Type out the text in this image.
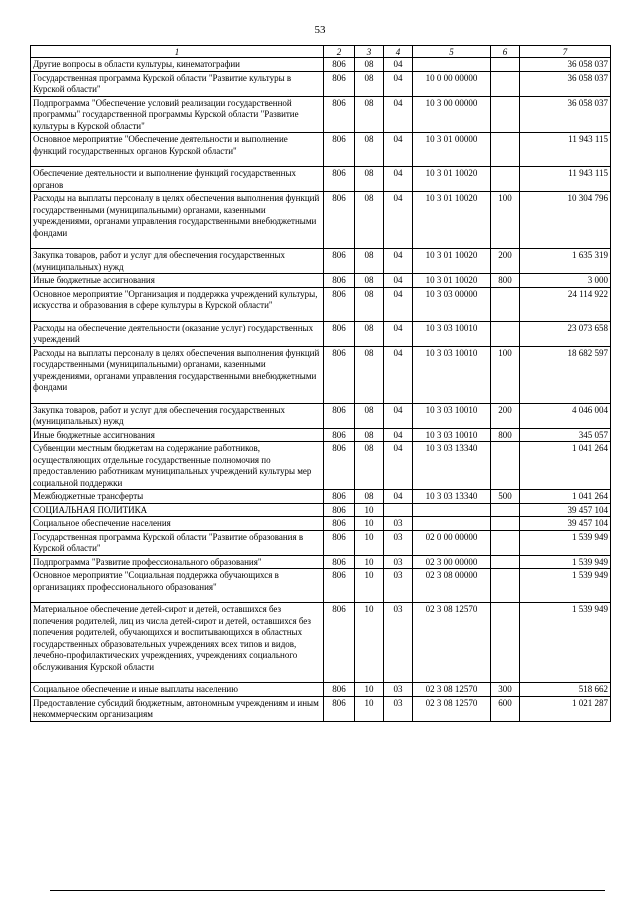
53
1	2	3	4	5	6	7
Другие вопросы в области культуры, кинематографии	806	08	04			36 058 037
Государственная программа Курской области "Развитие культуры в Курской области"	806	08	04	10 0 00 00000		36 058 037
Подпрограмма "Обеспечение условий реализации государственной программы" государственной программы Курской области "Развитие культуры в Курской области"	806	08	04	10 3 00 00000		36 058 037
Основное мероприятие "Обеспечение деятельности и выполнение функций государственных органов Курской области"	806	08	04	10 3 01 00000		11 943 115
Обеспечение деятельности и выполнение функций государственных органов	806	08	04	10 3 01 10020		11 943 115
Расходы на выплаты персоналу в целях обеспечения выполнения функций государственными (муниципальными) органами, казенными учреждениями, органами управления государственными внебюджетными фондами	806	08	04	10 3 01 10020	100	10 304 796
Закупка товаров, работ и услуг для обеспечения государственных (муниципальных) нужд	806	08	04	10 3 01 10020	200	1 635 319
Иные бюджетные ассигнования	806	08	04	10 3 01 10020	800	3 000
Основное мероприятие "Организация и поддержка учреждений культуры, искусства и образования в сфере культуры в Курской области"	806	08	04	10 3 03 00000		24 114 922
Расходы на обеспечение деятельности (оказание услуг) государственных учреждений	806	08	04	10 3 03 10010		23 073 658
Расходы на выплаты персоналу в целях обеспечения выполнения функций государственными (муниципальными) органами, казенными учреждениями, органами управления государственными внебюджетными фондами	806	08	04	10 3 03 10010	100	18 682 597
Закупка товаров, работ и услуг для обеспечения государственных (муниципальных) нужд	806	08	04	10 3 03 10010	200	4 046 004
Иные бюджетные ассигнования	806	08	04	10 3 03 10010	800	345 057
Субвенции местным бюджетам на содержание работников, осуществляющих отдельные государственные полномочия по предоставлению работникам муниципальных учреждений культуры мер социальной поддержки	806	08	04	10 3 03 13340		1 041 264
Межбюджетные трансферты	806	08	04	10 3 03 13340	500	1 041 264
СОЦИАЛЬНАЯ ПОЛИТИКА	806	10				39 457 104
Социальное обеспечение населения	806	10	03			39 457 104
Государственная программа Курской области "Развитие образования в Курской области"	806	10	03	02 0 00 00000		1 539 949
Подпрограмма "Развитие профессионального образования"	806	10	03	02 3 00 00000		1 539 949
Основное мероприятие "Социальная поддержка обучающихся в организациях профессионального образования"	806	10	03	02 3 08 00000		1 539 949
Материальное обеспечение детей-сирот и детей, оставшихся без попечения родителей, лиц из числа детей-сирот и детей, оставшихся без попечения родителей, обучающихся и воспитывающихся в областных государственных образовательных учреждениях всех типов и видов, лечебно-профилактических учреждениях, учреждениях социального обслуживания Курской области	806	10	03	02 3 08 12570		1 539 949
Социальное обеспечение и иные выплаты населению	806	10	03	02 3 08 12570	300	518 662
Предоставление субсидий бюджетным, автономным учреждениям и иным некоммерческим организациям	806	10	03	02 3 08 12570	600	1 021 287
